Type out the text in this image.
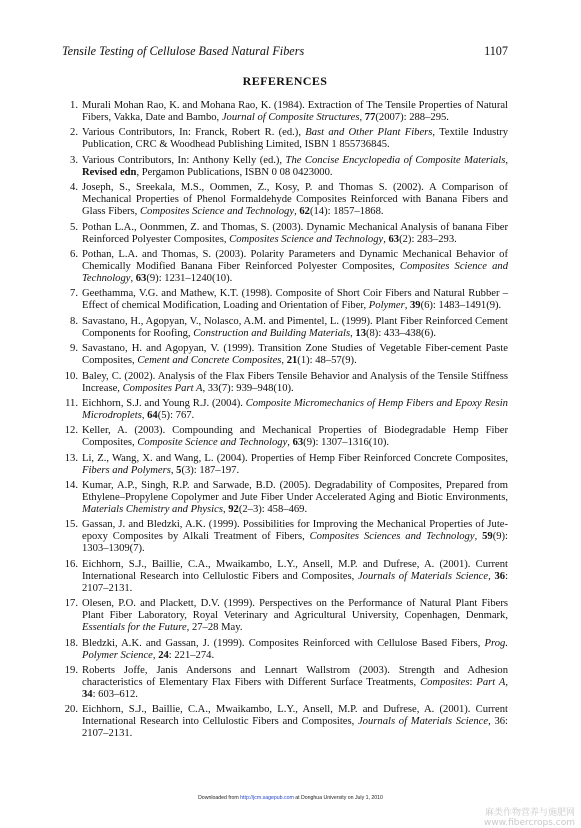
Tensile Testing of Cellulose Based Natural Fibers	1107
REFERENCES
1. Murali Mohan Rao, K. and Mohana Rao, K. (1984). Extraction of The Tensile Properties of Natural Fibers, Vakka, Date and Bambo, Journal of Composite Structures, 77(2007): 288–295.
2. Various Contributors, In: Franck, Robert R. (ed.), Bast and Other Plant Fibers, Textile Industry Publication, CRC & Woodhead Publishing Limited, ISBN 1 855736845.
3. Various Contributors, In: Anthony Kelly (ed.), The Concise Encyclopedia of Composite Materials, Revised edn, Pergamon Publications, ISBN 0 08 0423000.
4. Joseph, S., Sreekala, M.S., Oommen, Z., Kosy, P. and Thomas S. (2002). A Comparison of Mechanical Properties of Phenol Formaldehyde Composites Reinforced with Banana Fibers and Glass Fibers, Composites Science and Technology, 62(14): 1857–1868.
5. Pothan L.A., Oonmmen, Z. and Thomas, S. (2003). Dynamic Mechanical Analysis of banana Fiber Reinforced Polyester Composites, Composites Science and Technology, 63(2): 283–293.
6. Pothan, L.A. and Thomas, S. (2003). Polarity Parameters and Dynamic Mechanical Behavior of Chemically Modified Banana Fiber Reinforced Polyester Composites, Composites Science and Technology, 63(9): 1231–1240(10).
7. Geethamma, V.G. and Mathew, K.T. (1998). Composite of Short Coir Fibers and Natural Rubber – Effect of chemical Modification, Loading and Orientation of Fiber, Polymer, 39(6): 1483–1491(9).
8. Savastano, H., Agopyan, V., Nolasco, A.M. and Pimentel, L. (1999). Plant Fiber Reinforced Cement Components for Roofing, Construction and Building Materials, 13(8): 433–438(6).
9. Savastano, H. and Agopyan, V. (1999). Transition Zone Studies of Vegetable Fiber-cement Paste Composites, Cement and Concrete Composites, 21(1): 48–57(9).
10. Baley, C. (2002). Analysis of the Flax Fibers Tensile Behavior and Analysis of the Tensile Stiffness Increase, Composites Part A, 33(7): 939–948(10).
11. Eichhorn, S.J. and Young R.J. (2004). Composite Micromechanics of Hemp Fibers and Epoxy Resin Microdroplets, 64(5): 767.
12. Keller, A. (2003). Compounding and Mechanical Properties of Biodegradable Hemp Fiber Composites, Composite Science and Technology, 63(9): 1307–1316(10).
13. Li, Z., Wang, X. and Wang, L. (2004). Properties of Hemp Fiber Reinforced Concrete Composites, Fibers and Polymers, 5(3): 187–197.
14. Kumar, A.P., Singh, R.P. and Sarwade, B.D. (2005). Degradability of Composites, Prepared from Ethylene–Propylene Copolymer and Jute Fiber Under Accelerated Aging and Biotic Environments, Materials Chemistry and Physics, 92(2–3): 458–469.
15. Gassan, J. and Bledzki, A.K. (1999). Possibilities for Improving the Mechanical Properties of Jute-epoxy Composites by Alkali Treatment of Fibers, Composites Sciences and Technology, 59(9): 1303–1309(7).
16. Eichhorn, S.J., Baillie, C.A., Mwaikambo, L.Y., Ansell, M.P. and Dufrese, A. (2001). Current International Research into Cellulostic Fibers and Composites, Journals of Materials Science, 36: 2107–2131.
17. Olesen, P.O. and Plackett, D.V. (1999). Perspectives on the Performance of Natural Plant Fibers Plant Fiber Laboratory, Royal Veterinary and Agricultural University, Copenhagen, Denmark, Essentials for the Future, 27–28 May.
18. Bledzki, A.K. and Gassan, J. (1999). Composites Reinforced with Cellulose Based Fibers, Prog. Polymer Science, 24: 221–274.
19. Roberts Joffe, Janis Andersons and Lennart Wallstrom (2003). Strength and Adhesion characteristics of Elementary Flax Fibers with Different Surface Treatments, Composites: Part A, 34: 603–612.
20. Eichhorn, S.J., Baillie, C.A., Mwaikambo, L.Y., Ansell, M.P. and Dufrese, A. (2001). Current International Research into Cellulostic Fibers and Composites, Journals of Materials Science, 36: 2107–2131.
Downloaded from http://jcm.sagepub.com at Donghua University on July 1, 2010
麻类作物营养与施肥网
www.fibercrops.com
